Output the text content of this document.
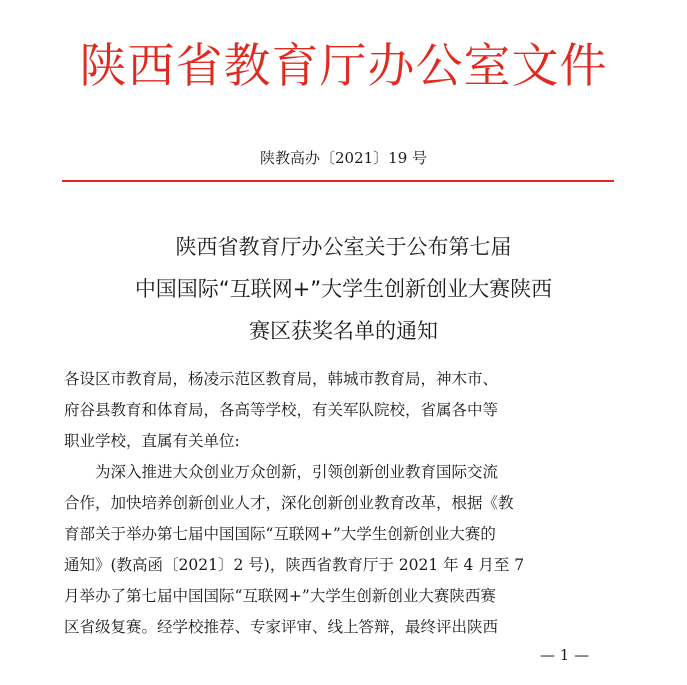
陕西省教育厅办公室文件
陕教高办〔2021〕19 号
陕西省教育厅办公室关于公布第七届
中国国际“互联网+”大学生创新创业大赛陕西
赛区获奖名单的通知
各设区市教育局，杨凌示范区教育局，韩城市教育局，神木市、
府谷县教育和体育局，各高等学校，有关军队院校，省属各中等
职业学校，直属有关单位:
为深入推进大众创业万众创新，引领创新创业教育国际交流
合作，加快培养创新创业人才，深化创新创业教育改革，根据《教
育部关于举办第七届中国国际“互联网+”大学生创新创业大赛的
通知》(教高函〔2021〕2 号)，陕西省教育厅于 2021 年 4 月至 7
月举办了第七届中国国际“互联网+”大学生创新创业大赛陕西赛
区省级复赛。经学校推荐、专家评审、线上答辩，最终评出陕西
— 1 —
